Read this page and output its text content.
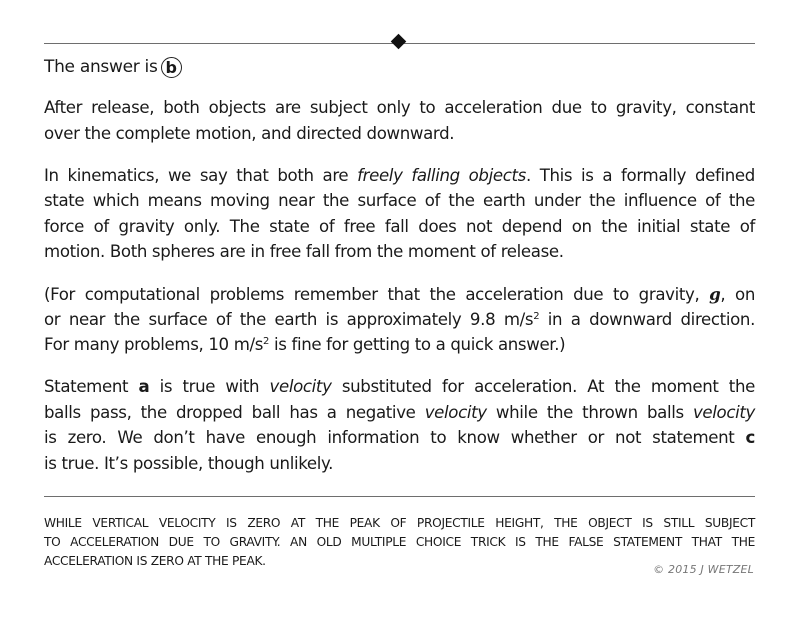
The answer is b
After release, both objects are subject only to acceleration due to gravity, constant
over the complete motion, and directed downward.
In kinematics, we say that both are freely falling objects. This is a formally defined
state which means moving near the surface of the earth under the influence of the
force of gravity only. The state of free fall does not depend on the initial state of
motion. Both spheres are in free fall from the moment of release.
(For computational problems remember that the acceleration due to gravity, g, on
or near the surface of the earth is approximately 9.8 $m/s^2$ in a downward direction.
For many problems, 10 $m/s^2$ is fine for getting to a quick answer.)
Statement a is true with velocity substituted for acceleration. At the moment the
balls pass, the dropped ball has a negative velocity while the thrown balls velocity
is zero. We don’t have enough information to know whether or not statement c
is true. It’s possible, though unlikely.
WHILE VERTICAL VELOCITY IS ZERO AT THE PEAK OF PROJECTILE HEIGHT, THE OBJECT IS STILL SUBJECT
TO ACCELERATION DUE TO GRAVITY. AN OLD MULTIPLE CHOICE TRICK IS THE FALSE STATEMENT THAT THE
ACCELERATION IS ZERO AT THE PEAK.
© 2015 J WETZEL
